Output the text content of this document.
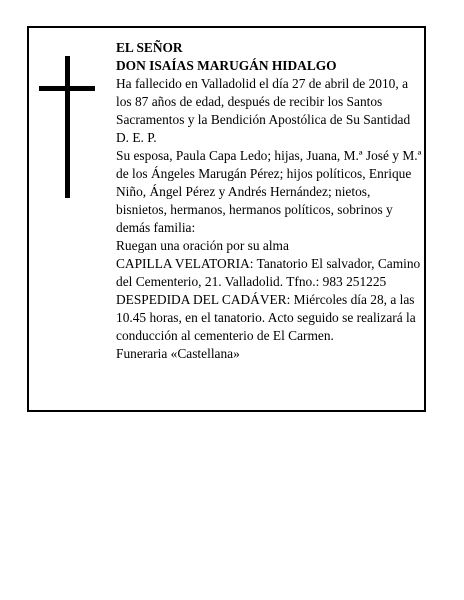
EL SEÑOR

DON ISAÍAS MARUGÁN HIDALGO

Ha fallecido en Valladolid el día 27 de abril de 2010, a los 87 años de edad, después de recibir los Santos Sacramentos y la Bendición Apostólica de Su Santidad D. E. P.

Su esposa, Paula Capa Ledo; hijas, Juana, M.ª José y M.ª de los Ángeles Marugán Pérez; hijos políticos, Enrique Niño, Ángel Pérez y Andrés Hernández; nietos, bisnietos, hermanos, hermanos políticos, sobrinos y demás familia:

Ruegan una oración por su alma

CAPILLA VELATORIA: Tanatorio El salvador, Camino del Cementerio, 21. Valladolid. Tfno.: 983 251225

DESPEDIDA DEL CADÁVER: Miércoles día 28, a las 10.45 horas, en el tanatorio. Acto seguido se realizará la conducción al cementerio de El Carmen.

Funeraria «Castellana»
